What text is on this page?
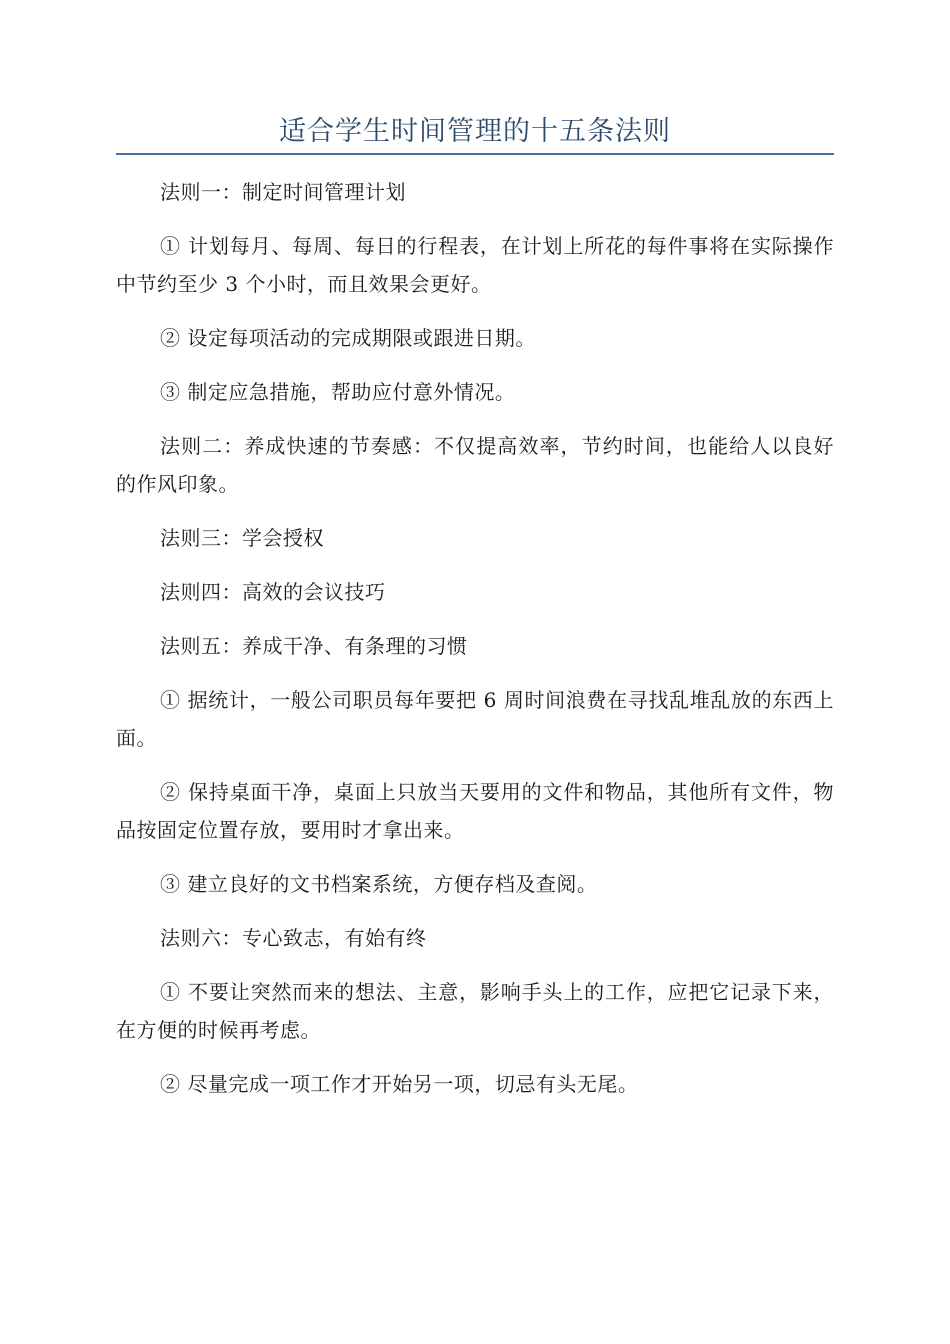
适合学生时间管理的十五条法则

法则一：制定时间管理计划

① 计划每月、每周、每日的行程表，在计划上所花的每件事将在实际操作中节约至少 3 个小时，而且效果会更好。

② 设定每项活动的完成期限或跟进日期。

③ 制定应急措施，帮助应付意外情况。

法则二：养成快速的节奏感：不仅提高效率，节约时间，也能给人以良好的作风印象。

法则三：学会授权

法则四：高效的会议技巧

法则五：养成干净、有条理的习惯

① 据统计，一般公司职员每年要把 6 周时间浪费在寻找乱堆乱放的东西上面。

② 保持桌面干净，桌面上只放当天要用的文件和物品，其他所有文件，物品按固定位置存放，要用时才拿出来。

③ 建立良好的文书档案系统，方便存档及查阅。

法则六：专心致志，有始有终

① 不要让突然而来的想法、主意，影响手头上的工作，应把它记录下来，在方便的时候再考虑。

② 尽量完成一项工作才开始另一项，切忌有头无尾。
